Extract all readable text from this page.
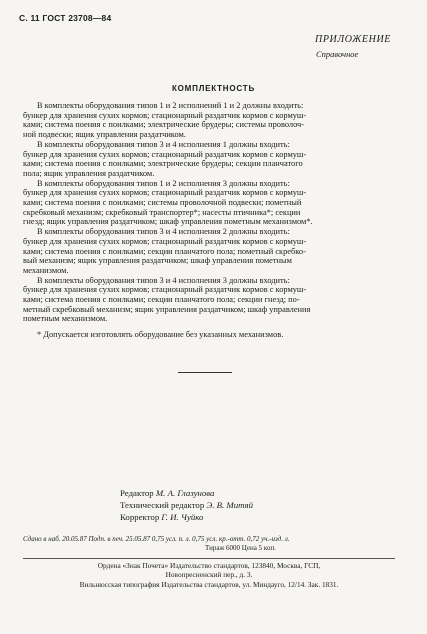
С. 11 ГОСТ 23708—84
ПРИЛОЖЕНИЕ
Справочное
КОМПЛЕКТНОСТЬ
В комплекты оборудования типов 1 и 2 исполнений 1 и 2 должны входить:
бункер для хранения сухих кормов; стационарный раздатчик кормов с кормуш-
ками; система поения с поилками; электрические брудеры; системы проволоч-
ной подвески; ящик управления раздатчиком.
В комплекты оборудования типов 3 и 4 исполнения 1 должны входить:
бункер для хранения сухих кормов; стационарный раздатчик кормов с кормуш-
ками; система поения с поилками; электрические брудеры; секции планчатого
пола; ящик управления раздатчиком.
В комплекты оборудования типов 1 и 2 исполнения 3 должны входить:
бункер для хранения сухих кормов; стационарный раздатчик кормов с кормуш-
ками; система поения с поилками; системы проволочной подвески; пометный
скребковый механизм; скребковый транспортер*; насесты птичника*; секции
гнезд; ящик управления раздатчиком; шкаф управления пометным механизмом*.
В комплекты оборудования типов 3 и 4 исполнения 2 должны входить:
бункер для хранения сухих кормов; стационарный раздатчик кормов с кормуш-
ками; система поения с поилками; секции планчатого пола; пометный скребко-
вый механизм; ящик управления раздатчиком; шкаф управления пометным
механизмом.
В комплекты оборудования типов 3 и 4 исполнения 3 должны входить:
бункер для хранения сухих кормов; стационарный раздатчик кормов с кормуш-
ками; система поения с поилками; секции планчатого пола; секции гнезд; по-
метный скребковый механизм; ящик управления раздатчиком; шкаф управления
пометным механизмом.
* Допускается изготовлять оборудование без указанных механизмов.
Редактор М. А. Глазунова
Технический редактор Э. В. Митяй
Корректор Г. И. Чуйко
Сдано в наб. 20.05.87 Подп. в печ. 25.05.87 0,75 усл. п. л. 0,75 усл. кр.-отт. 0,72 уч.-изд. л.
Тираж 6000 Цена 5 коп.
Ордена «Знак Почета» Издательство стандартов, 123840, Москва, ГСП,
Новопресненский пер., д. 3.
Вильнюсская типография Издательства стандартов, ул. Миндауго, 12/14. Зак. 1831.
